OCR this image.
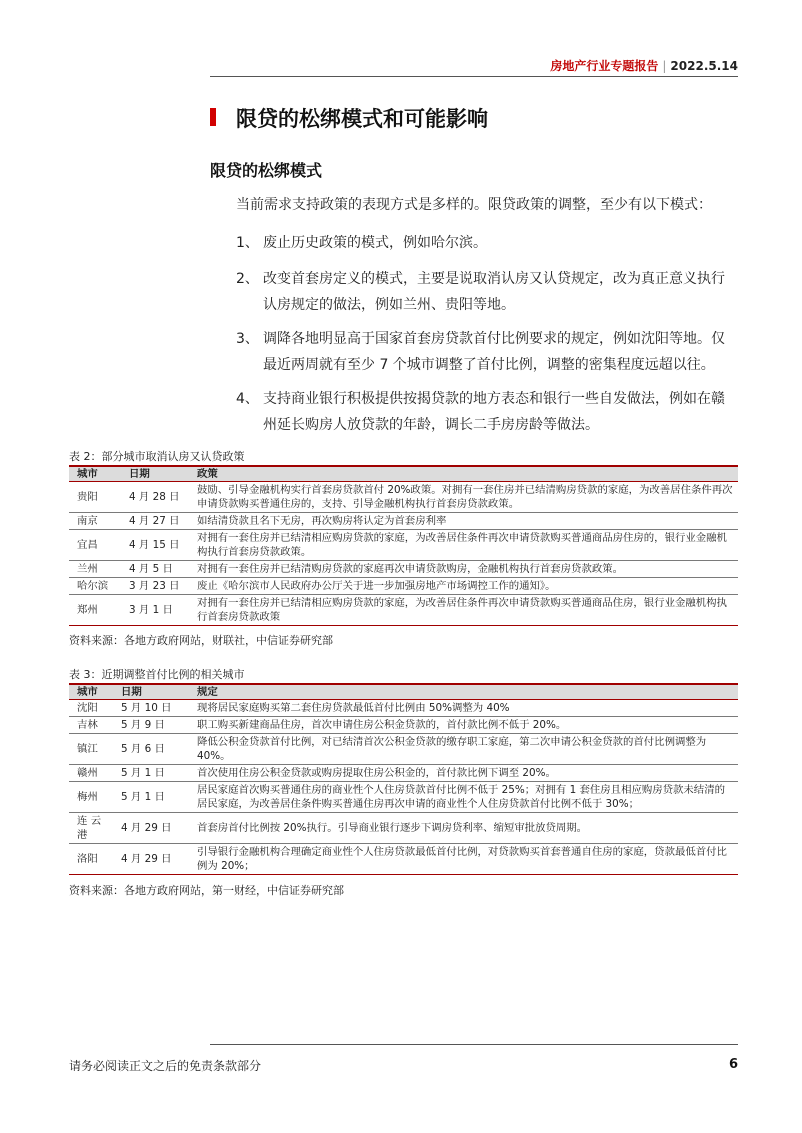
房地产行业专题报告 | 2022.5.14
限贷的松绑模式和可能影响
限贷的松绑模式
当前需求支持政策的表现方式是多样的。限贷政策的调整，至少有以下模式：
1、 废止历史政策的模式，例如哈尔滨。
2、 改变首套房定义的模式，主要是说取消认房又认贷规定，改为真正意义执行认房规定的做法，例如兰州、贵阳等地。
3、 调降各地明显高于国家首套房贷款首付比例要求的规定，例如沈阳等地。仅最近两周就有至少 7 个城市调整了首付比例，调整的密集程度远超以往。
4、 支持商业银行积极提供按揭贷款的地方表态和银行一些自发做法，例如在赣州延长购房人放贷款的年龄，调长二手房房龄等做法。
表 2：部分城市取消认房又认贷政策
城市	日期	政策
贵阳	4 月 28 日	鼓励、引导金融机构实行首套房贷款首付 20%政策。对拥有一套住房并已结清购房贷款的家庭，为改善居住条件再次申请贷款购买普通住房的，支持、引导金融机构执行首套房贷款政策。
南京	4 月 27 日	如结清贷款且名下无房，再次购房将认定为首套房利率
宜昌	4 月 15 日	对拥有一套住房并已结清相应购房贷款的家庭，为改善居住条件再次申请贷款购买普通商品房住房的，银行业金融机构执行首套房贷款政策。
兰州	4 月 5 日	对拥有一套住房并已结清购房贷款的家庭再次申请贷款购房，金融机构执行首套房贷款政策。
哈尔滨	3 月 23 日	废止《哈尔滨市人民政府办公厅关于进一步加强房地产市场调控工作的通知》。
郑州	3 月 1 日	对拥有一套住房并已结清相应购房贷款的家庭，为改善居住条件再次申请贷款购买普通商品住房，银行业金融机构执行首套房贷款政策
资料来源：各地方政府网站，财联社，中信证券研究部
表 3：近期调整首付比例的相关城市
城市	日期	规定
沈阳	5 月 10 日	现将居民家庭购买第二套住房贷款最低首付比例由 50%调整为 40%
吉林	5 月 9 日	职工购买新建商品住房，首次申请住房公积金贷款的，首付款比例不低于 20%。
镇江	5 月 6 日	降低公积金贷款首付比例，对已结清首次公积金贷款的缴存职工家庭，第二次申请公积金贷款的首付比例调整为 40%。
赣州	5 月 1 日	首次使用住房公积金贷款或购房提取住房公积金的，首付款比例下调至 20%。
梅州	5 月 1 日	居民家庭首次购买普通住房的商业性个人住房贷款首付比例不低于 25%；对拥有 1 套住房且相应购房贷款未结清的居民家庭，为改善居住条件购买普通住房再次申请的商业性个人住房贷款首付比例不低于 30%；
连 云 港	4 月 29 日	首套房首付比例按 20%执行。引导商业银行逐步下调房贷利率、缩短审批放贷周期。
洛阳	4 月 29 日	引导银行金融机构合理确定商业性个人住房贷款最低首付比例，对贷款购买首套普通自住房的家庭，贷款最低首付比例为 20%；
资料来源：各地方政府网站，第一财经，中信证券研究部
请务必阅读正文之后的免责条款部分	6
